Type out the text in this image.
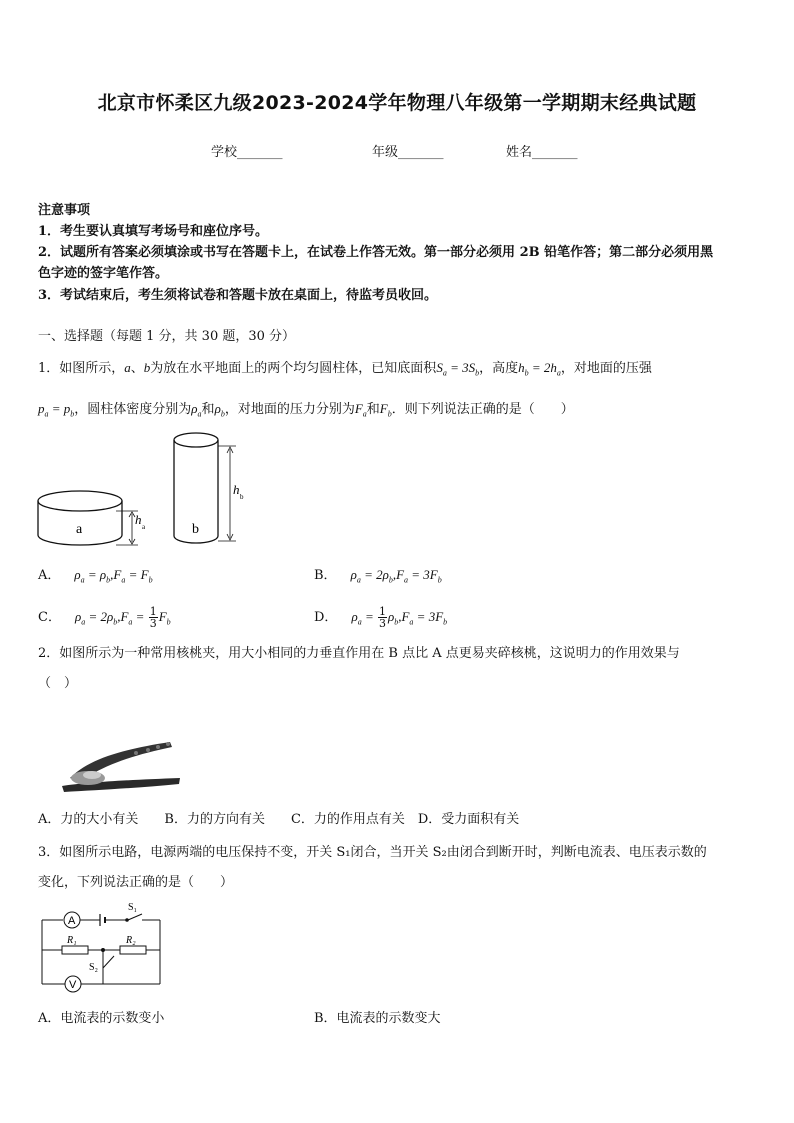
北京市怀柔区九级2023-2024学年物理八年级第一学期期末经典试题
学校_______	年级_______	姓名_______
注意事项
1．考生要认真填写考场号和座位序号。
2．试题所有答案必须填涂或书写在答题卡上，在试卷上作答无效。第一部分必须用 2B 铅笔作答；第二部分必须用黑
色字迹的签字笔作答。
3．考试结束后，考生须将试卷和答题卡放在桌面上，待监考员收回。
一、选择题（每题 1 分，共 30 题，30 分）
1．如图所示，a、b为放在水平地面上的两个均匀圆柱体，已知底面积$S_a = 3S_b$，高度$h_b = 2h_a$，对地面的压强
$p_a = p_b$，圆柱体密度分别为$\rho_a$和$\rho_b$，对地面的压力分别为$F_a$和$F_b$．则下列说法正确的是（　　）
a	b
h a
h b
A． $\rho_a = \rho_b,F_a = F_b$	B． $\rho_a = 2\rho_b,F_a = 3F_b$
C． $\rho_a = 2\rho_b,F_a = \frac{1}{3} F_b$	D． $\rho_a = \frac{1}{3} \rho_b,F_a = 3F_b$
2．如图所示为一种常用核桃夹，用大小相同的力垂直作用在 B 点比 A 点更易夹碎核桃，这说明力的作用效果与
（　）
A．力的大小有关　　B．力的方向有关　　C．力的作用点有关　D．受力面积有关
3．如图所示电路，电源两端的电压保持不变，开关 S₁闭合，当开关 S₂由闭合到断开时，判断电流表、电压表示数的
变化，下列说法正确的是（　　）
A
V
S₁
S₂
R₁	R₂
A．电流表的示数变小	B．电流表的示数变大
